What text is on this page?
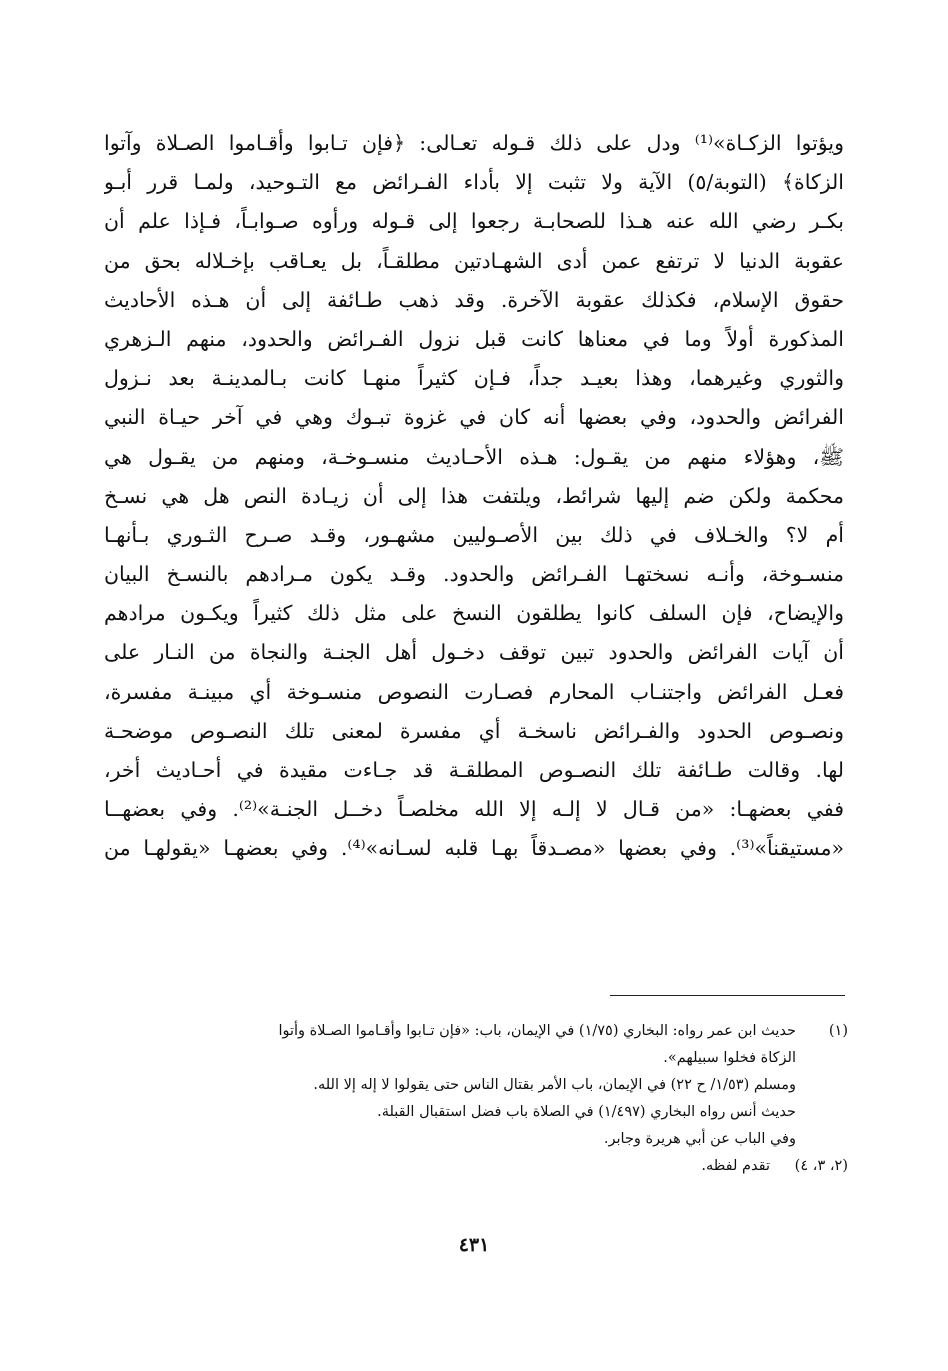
ويؤتوا الزكـاة»⁽¹⁾ ودل على ذلك قـوله تعـالى: ﴿فإن تـابوا وأقـاموا الصـلاة وآتوا
الزكاة﴾ (التوبة/٥) الآية ولا تثبت إلا بأداء الفـرائض مع التـوحيد، ولمـا قرر أبـو
بكـر رضي الله عنه هـذا للصحابـة رجعوا إلى قـوله ورأوه صـوابـاً، فـإذا علم أن
عقوبة الدنيا لا ترتفع عمن أدى الشهـادتين مطلقـاً، بل يعـاقب بإخـلاله بحق من
حقوق الإسلام، فكذلك عقوبة الآخرة. وقد ذهب طـائفة إلى أن هـذه الأحاديث
المذكورة أولاً وما في معناها كانت قبل نزول الفـرائض والحدود، منهم الـزهري
والثوري وغيرهما، وهذا بعيـد جداً، فـإن كثيراً منهـا كانت بـالمدينـة بعد نـزول
الفرائض والحدود، وفي بعضها أنه كان في غزوة تبـوك وهي في آخر حيـاة النبي
ﷺ، وهؤلاء منهم من يقـول: هـذه الأحـاديث منسـوخـة، ومنهم من يقـول هي
محكمة ولكن ضم إليها شرائط، ويلتفت هذا إلى أن زيـادة النص هل هي نسـخ
أم لا؟ والخـلاف في ذلك بين الأصـوليين مشهـور، وقـد صـرح الثـوري بـأنهـا
منسـوخة، وأنـه نسختهـا الفـرائض والحدود. وقـد يكون مـرادهم بالنسـخ البيان
والإيضاح، فإن السلف كانوا يطلقون النسخ على مثل ذلك كثيراً ويكـون مرادهم
أن آيات الفرائض والحدود تبين توقف دخـول أهل الجنـة والنجاة من النـار على
فعـل الفرائض واجتنـاب المحارم فصـارت النصوص منسـوخة أي مبينـة مفسرة،
ونصـوص الحدود والفـرائض ناسخـة أي مفسرة لمعنى تلك النصـوص موضحـة
لها. وقالت طـائفة تلك النصـوص المطلقـة قد جـاءت مقيدة في أحـاديث أخر،
ففي بعضهـا: «من قـال لا إلـه إلا الله مخلصـاً دخــل الجنـة»⁽²⁾. وفي بعضهــا
«مستيقناً»⁽³⁾. وفي بعضها «مصـدقاً بهـا قلبه لسـانه»⁽⁴⁾. وفي بعضهـا «يقولهـا من
(١)
حديث ابن عمر رواه: البخاري (١/٧٥) في الإيمان، باب: «فإن تـابوا وأقـاموا الصـلاة وأتوا
الزكاة فخلوا سبيلهم».
ومسلم (١/٥٣/ ح ٢٢) في الإيمان، باب الأمر بقتال الناس حتى يقولوا لا إله إلا الله.
حديث أنس رواه البخاري (١/٤٩٧) في الصلاة باب فضل استقبال القبلة.
وفي الباب عن أبي هريرة وجابر.
(٢، ٣، ٤)
تقدم لفظه.
٤٣١
